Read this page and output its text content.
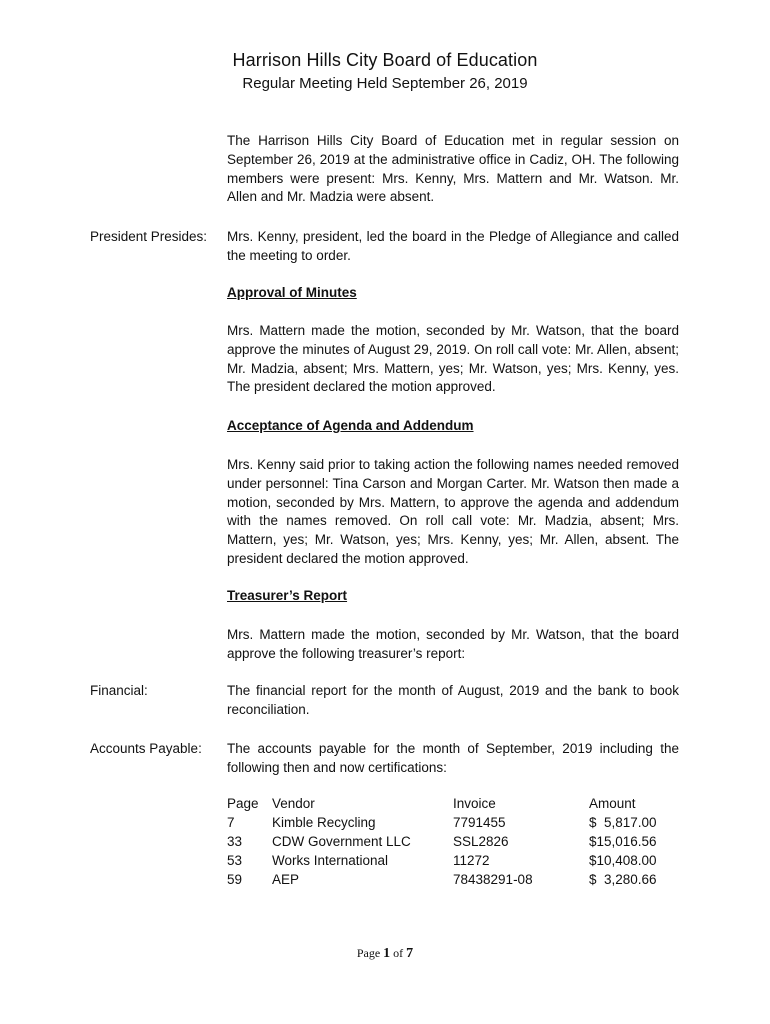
Harrison Hills City Board of Education
Regular Meeting Held September 26, 2019
The Harrison Hills City Board of Education met in regular session on September 26, 2019 at the administrative office in Cadiz, OH. The following members were present: Mrs. Kenny, Mrs. Mattern and Mr. Watson. Mr. Allen and Mr. Madzia were absent.
President Presides: Mrs. Kenny, president, led the board in the Pledge of Allegiance and called the meeting to order.
Approval of Minutes
Mrs. Mattern made the motion, seconded by Mr. Watson, that the board approve the minutes of August 29, 2019. On roll call vote: Mr. Allen, absent; Mr. Madzia, absent; Mrs. Mattern, yes; Mr. Watson, yes; Mrs. Kenny, yes. The president declared the motion approved.
Acceptance of Agenda and Addendum
Mrs. Kenny said prior to taking action the following names needed removed under personnel: Tina Carson and Morgan Carter. Mr. Watson then made a motion, seconded by Mrs. Mattern, to approve the agenda and addendum with the names removed. On roll call vote: Mr. Madzia, absent; Mrs. Mattern, yes; Mr. Watson, yes; Mrs. Kenny, yes; Mr. Allen, absent. The president declared the motion approved.
Treasurer’s Report
Mrs. Mattern made the motion, seconded by Mr. Watson, that the board approve the following treasurer’s report:
Financial:	The financial report for the month of August, 2019 and the bank to book reconciliation.
Accounts Payable: The accounts payable for the month of September, 2019 including the following then and now certifications:
Page Vendor	Invoice	Amount
7	Kimble Recycling	7791455	$  5,817.00
33 CDW Government LLC	SSL2826	$15,016.56
53 Works International	11272	$10,408.00
59 AEP	78438291-08	$  3,280.66
Page 1 of 7
